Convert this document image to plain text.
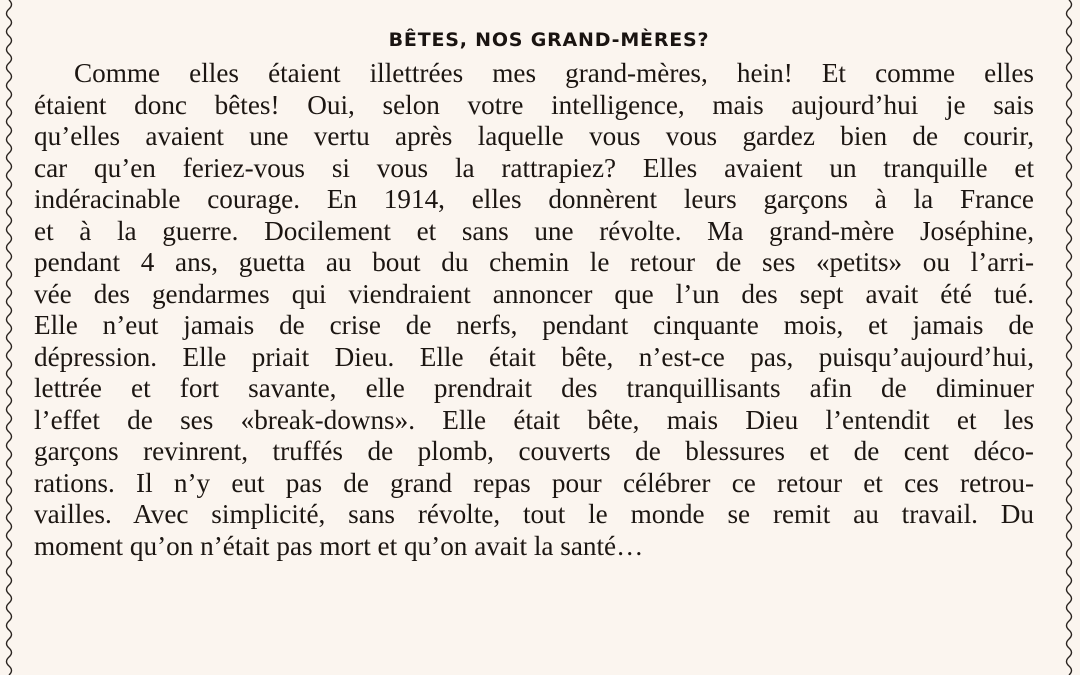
BÊTES, NOS GRAND-MÈRES?
Comme elles étaient illettrées mes grand-mères, hein! Et comme elles
étaient donc bêtes! Oui, selon votre intelligence, mais aujourd’hui je sais
qu’elles avaient une vertu après laquelle vous vous gardez bien de courir,
car qu’en feriez-vous si vous la rattrapiez? Elles avaient un tranquille et
indéracinable courage. En 1914, elles donnèrent leurs garçons à la France
et à la guerre. Docilement et sans une révolte. Ma grand-mère Joséphine,
pendant 4 ans, guetta au bout du chemin le retour de ses «petits» ou l’arri-
vée des gendarmes qui viendraient annoncer que l’un des sept avait été tué.
Elle n’eut jamais de crise de nerfs, pendant cinquante mois, et jamais de
dépression. Elle priait Dieu. Elle était bête, n’est-ce pas, puisqu’aujourd’hui,
lettrée et fort savante, elle prendrait des tranquillisants afin de diminuer
l’effet de ses «break-downs». Elle était bête, mais Dieu l’entendit et les
garçons revinrent, truffés de plomb, couverts de blessures et de cent déco-
rations. Il n’y eut pas de grand repas pour célébrer ce retour et ces retrou-
vailles. Avec simplicité, sans révolte, tout le monde se remit au travail. Du
moment qu’on n’était pas mort et qu’on avait la santé…
